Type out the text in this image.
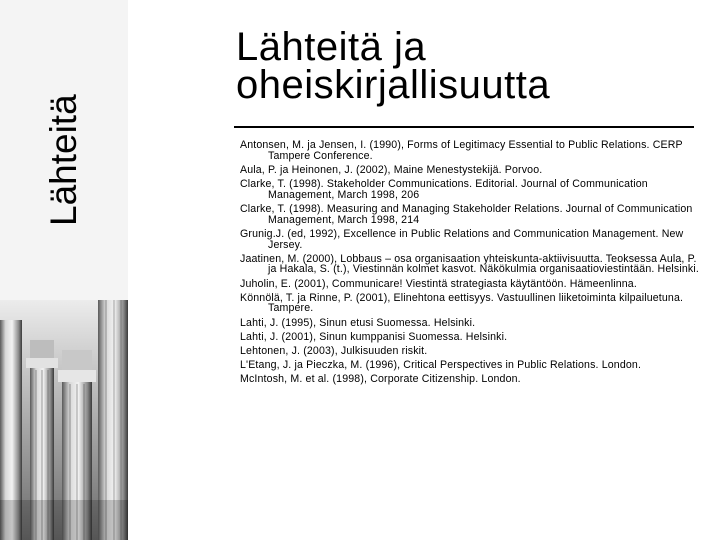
Lähteitä
Lähteitä ja oheiskirjallisuutta
Antonsen, M. ja Jensen, I. (1990), Forms of Legitimacy Essential to Public Relations. CERP Tampere Conference.
Aula, P. ja Heinonen, J. (2002), Maine Menestystekijä. Porvoo.
Clarke, T. (1998). Stakeholder Communications. Editorial. Journal of Communication Management, March 1998, 206
Clarke, T. (1998). Measuring and Managing Stakeholder Relations. Journal of Communication Management, March 1998, 214
Grunig.J. (ed, 1992), Excellence in Public Relations and Communication Management. New Jersey.
Jaatinen, M. (2000), Lobbaus – osa organisaation yhteiskunta-aktiivisuutta. Teoksessa Aula, P. ja Hakala, S. (t.), Viestinnän kolmet kasvot. Näkökulmia organisaatioviestintään. Helsinki.
Juholin, E. (2001), Communicare! Viestintä strategiasta käytäntöön. Hämeenlinna.
Könnölä, T. ja Rinne, P. (2001), Elinehtona eettisyys. Vastuullinen liiketoiminta kilpailuetuna. Tampere.
Lahti, J. (1995), Sinun etusi Suomessa. Helsinki.
Lahti, J. (2001), Sinun kumppanisi Suomessa. Helsinki.
Lehtonen, J. (2003), Julkisuuden riskit.
L'Etang, J. ja Pieczka, M. (1996), Critical Perspectives in Public Relations. London.
McIntosh, M. et al. (1998), Corporate Citizenship. London.
